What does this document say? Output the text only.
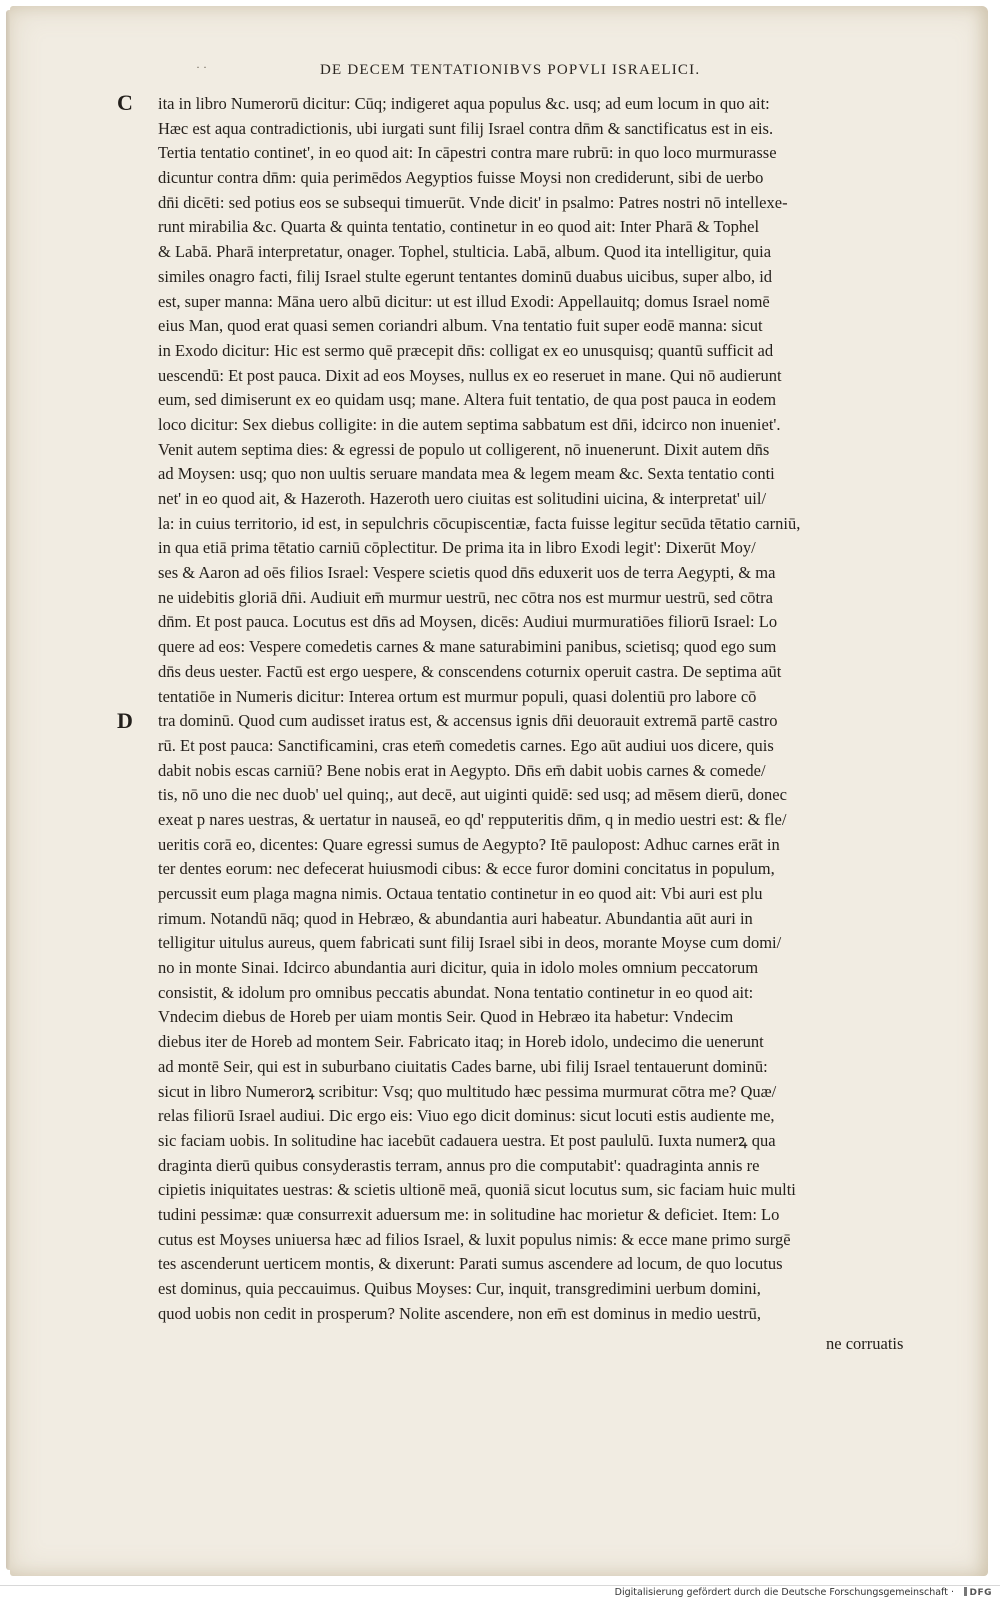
· ·	DE DECEM TENTATIONIBVS POPVLI ISRAELICI.
C
D
ita in libro Numerorū dicitur: Cūq; indigeret aqua populus &c. usq; ad eum locum in quo ait:
Hæc est aqua contradictionis, ubi iurgati sunt filij Israel contra dn̄m & sanctificatus est in eis.
Tertia tentatio continet', in eo quod ait: In cāpestri contra mare rubrū: in quo loco murmurasse
dicuntur contra dn̄m: quia perimēdos Aegyptios fuisse Moysi non crediderunt, sibi de uerbo
dn̄i dicēti: sed potius eos se subsequi timuerūt. Vnde dicit' in psalmo: Patres nostri nō intellexe-
runt mirabilia &c. Quarta & quinta tentatio, continetur in eo quod ait: Inter Pharā & Tophel
& Labā. Pharā interpretatur, onager. Tophel, stulticia. Labā, album. Quod ita intelligitur, quia
similes onagro facti, filij Israel stulte egerunt tentantes dominū duabus uicibus, super albo, id
est, super manna: Māna uero albū dicitur: ut est illud Exodi: Appellauitq; domus Israel nomē
eius Man, quod erat quasi semen coriandri album. Vna tentatio fuit super eodē manna: sicut
in Exodo dicitur: Hic est sermo quē præcepit dn̄s: colligat ex eo unusquisq; quantū sufficit ad
uescendū: Et post pauca. Dixit ad eos Moyses, nullus ex eo reseruet in mane. Qui nō audierunt
eum, sed dimiserunt ex eo quidam usq; mane. Altera fuit tentatio, de qua post pauca in eodem
loco dicitur: Sex diebus colligite: in die autem septima sabbatum est dn̄i, idcirco non inueniet'.
Venit autem septima dies: & egressi de populo ut colligerent, nō inuenerunt. Dixit autem dn̄s
ad Moysen: usq; quo non uultis seruare mandata mea & legem meam &c. Sexta tentatio conti
net' in eo quod ait, & Hazeroth. Hazeroth uero ciuitas est solitudini uicina, & interpretat' uil/
la: in cuius territorio, id est, in sepulchris cōcupiscentiæ, facta fuisse legitur secūda tētatio carniū,
in qua etiā prima tētatio carniū cōplectitur. De prima ita in libro Exodi legit': Dixerūt Moy/
ses & Aaron ad oēs filios Israel: Vespere scietis quod dn̄s eduxerit uos de terra Aegypti, & ma
ne uidebitis gloriā dn̄i. Audiuit em̄ murmur uestrū, nec cōtra nos est murmur uestrū, sed cōtra
dn̄m. Et post pauca. Locutus est dn̄s ad Moysen, dicēs: Audiui murmuratiōes filiorū Israel: Lo
quere ad eos: Vespere comedetis carnes & mane saturabimini panibus, scietisq; quod ego sum
dn̄s deus uester. Factū est ergo uespere, & conscendens coturnix operuit castra. De septima aūt
tentatiōe in Numeris dicitur: Interea ortum est murmur populi, quasi dolentiū pro labore cō
tra dominū. Quod cum audisset iratus est, & accensus ignis dn̄i deuorauit extremā partē castro
rū. Et post pauca: Sanctificamini, cras etem̄ comedetis carnes. Ego aūt audiui uos dicere, quis
dabit nobis escas carniū? Bene nobis erat in Aegypto. Dn̄s em̄ dabit uobis carnes & comede/
tis, nō uno die nec duob' uel quinq;, aut decē, aut uiginti quidē: sed usq; ad mēsem dierū, donec
exeat p nares uestras, & uertatur in nauseā, eo qd' repputeritis dn̄m, q in medio uestri est: & fle/
ueritis corā eo, dicentes: Quare egressi sumus de Aegypto? Itē paulopost: Adhuc carnes erāt in
ter dentes eorum: nec defecerat huiusmodi cibus: & ecce furor domini concitatus in populum,
percussit eum plaga magna nimis. Octaua tentatio continetur in eo quod ait: Vbi auri est plu
rimum. Notandū nāq; quod in Hebræo, & abundantia auri habeatur. Abundantia aūt auri in
telligitur uitulus aureus, quem fabricati sunt filij Israel sibi in deos, morante Moyse cum domi/
no in monte Sinai. Idcirco abundantia auri dicitur, quia in idolo moles omnium peccatorum
consistit, & idolum pro omnibus peccatis abundat. Nona tentatio continetur in eo quod ait:
Vndecim diebus de Horeb per uiam montis Seir. Quod in Hebræo ita habetur: Vndecim
diebus iter de Horeb ad montem Seir. Fabricato itaq; in Horeb idolo, undecimo die uenerunt
ad montē Seir, qui est in suburbano ciuitatis Cades barne, ubi filij Israel tentauerunt dominū:
sicut in libro Numerorꝝ scribitur: Vsq; quo multitudo hæc pessima murmurat cōtra me? Quæ/
relas filiorū Israel audiui. Dic ergo eis: Viuo ego dicit dominus: sicut locuti estis audiente me,
sic faciam uobis. In solitudine hac iacebūt cadauera uestra. Et post paululū. Iuxta numerꝝ qua
draginta dierū quibus consyderastis terram, annus pro die computabit': quadraginta annis re
cipietis iniquitates uestras: & scietis ultionē meā, quoniā sicut locutus sum, sic faciam huic multi
tudini pessimæ: quæ consurrexit aduersum me: in solitudine hac morietur & deficiet. Item: Lo
cutus est Moyses uniuersa hæc ad filios Israel, & luxit populus nimis: & ecce mane primo surgē
tes ascenderunt uerticem montis, & dixerunt: Parati sumus ascendere ad locum, de quo locutus
est dominus, quia peccauimus. Quibus Moyses: Cur, inquit, transgredimini uerbum domini,
quod uobis non cedit in prosperum? Nolite ascendere, non em̄ est dominus in medio uestrū,
ne corruatis
Digitalisierung gefördert durch die Deutsche Forschungsgemeinschaft ·	DFG
